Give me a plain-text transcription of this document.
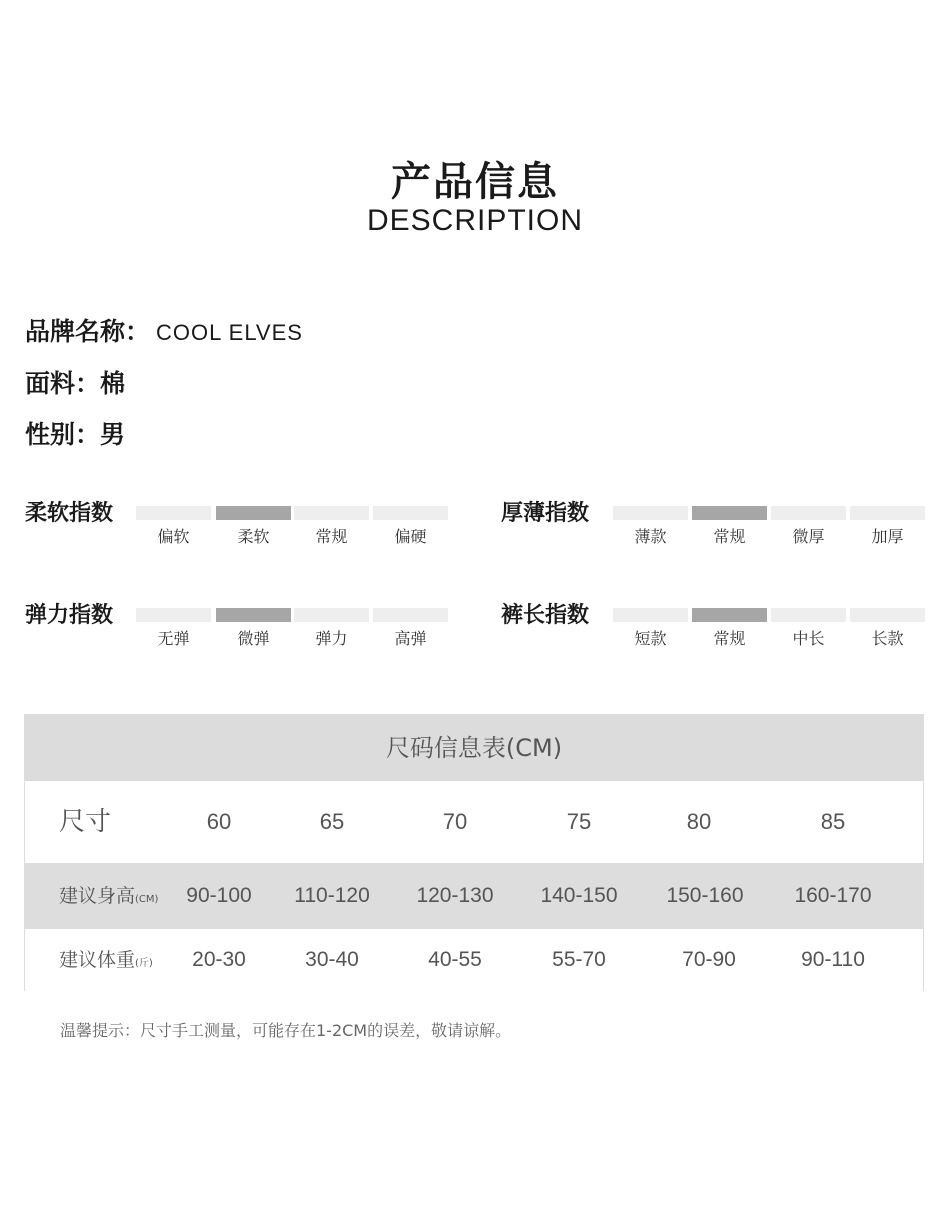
产品信息
DESCRIPTION
品牌名称： COOL ELVES
面料：棉
性别：男
柔软指数
偏软	柔软	常规	偏硬
厚薄指数
薄款	常规	微厚	加厚
弹力指数
无弹	微弹	弹力	高弹
裤长指数
短款	常规	中长	长款
尺码信息表(CM)
尺寸	60	65	70	75	80	85
建议身高(CM)	90-100	110-120	120-130	140-150	150-160	160-170
建议体重(斤)	20-30	30-40	40-55	55-70	70-90	90-110
温馨提示：尺寸手工测量，可能存在1-2CM的误差，敬请谅解。
